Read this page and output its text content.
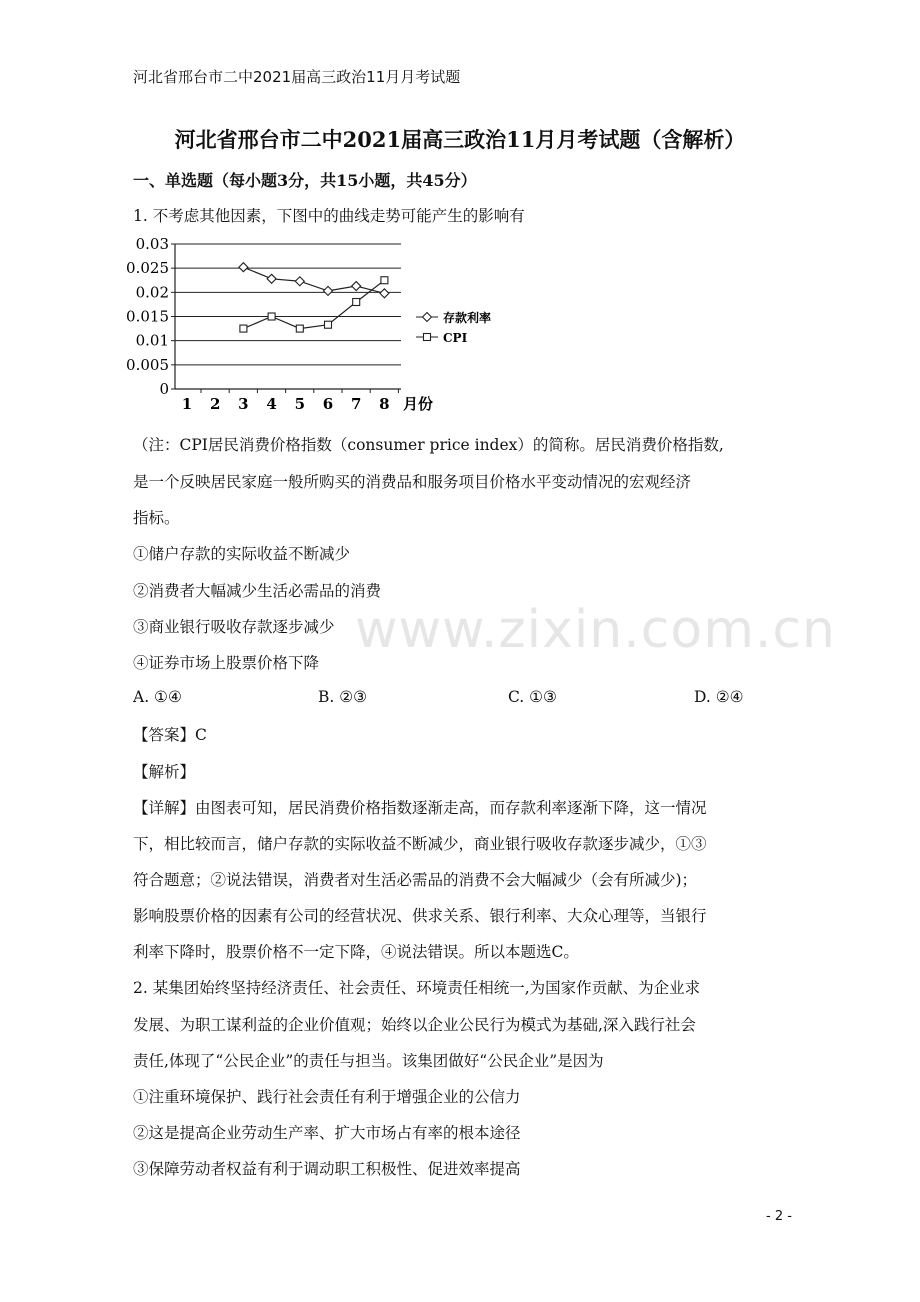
河北省邢台市二中2021届高三政治11月月考试题
河北省邢台市二中2021届高三政治11月月考试题（含解析）
一、单选题（每小题3分，共15小题，共45分）
1. 不考虑其他因素，下图中的曲线走势可能产生的影响有
0
0.005
0.01
0.015
0.02
0.025
0.03
1 2 3 4 5 6 7 8 月份
存款利率
CPI
（注：CPI居民消费价格指数（consumer price index）的简称。居民消费价格指数,
是一个反映居民家庭一般所购买的消费品和服务项目价格水平变动情况的宏观经济
指标。
①储户存款的实际收益不断减少
②消费者大幅减少生活必需品的消费
③商业银行吸收存款逐步减少
④证券市场上股票价格下降
A. ①④	B. ②③	C. ①③	D. ②④
【答案】C
【解析】
【详解】由图表可知，居民消费价格指数逐渐走高，而存款利率逐渐下降，这一情况
下，相比较而言，储户存款的实际收益不断减少，商业银行吸收存款逐步减少，①③
符合题意；②说法错误，消费者对生活必需品的消费不会大幅减少（会有所减少)；
影响股票价格的因素有公司的经营状况、供求关系、银行利率、大众心理等，当银行
利率下降时，股票价格不一定下降，④说法错误。所以本题选C。
2. 某集团始终坚持经济责任、社会责任、环境责任相统一,为国家作贡献、为企业求
发展、为职工谋利益的企业价值观；始终以企业公民行为模式为基础,深入践行社会
责任,体现了“公民企业”的责任与担当。该集团做好“公民企业”是因为
①注重环境保护、践行社会责任有利于增强企业的公信力
②这是提高企业劳动生产率、扩大市场占有率的根本途径
③保障劳动者权益有利于调动职工积极性、促进效率提高
www.zixin.com.cn
- 2 -
